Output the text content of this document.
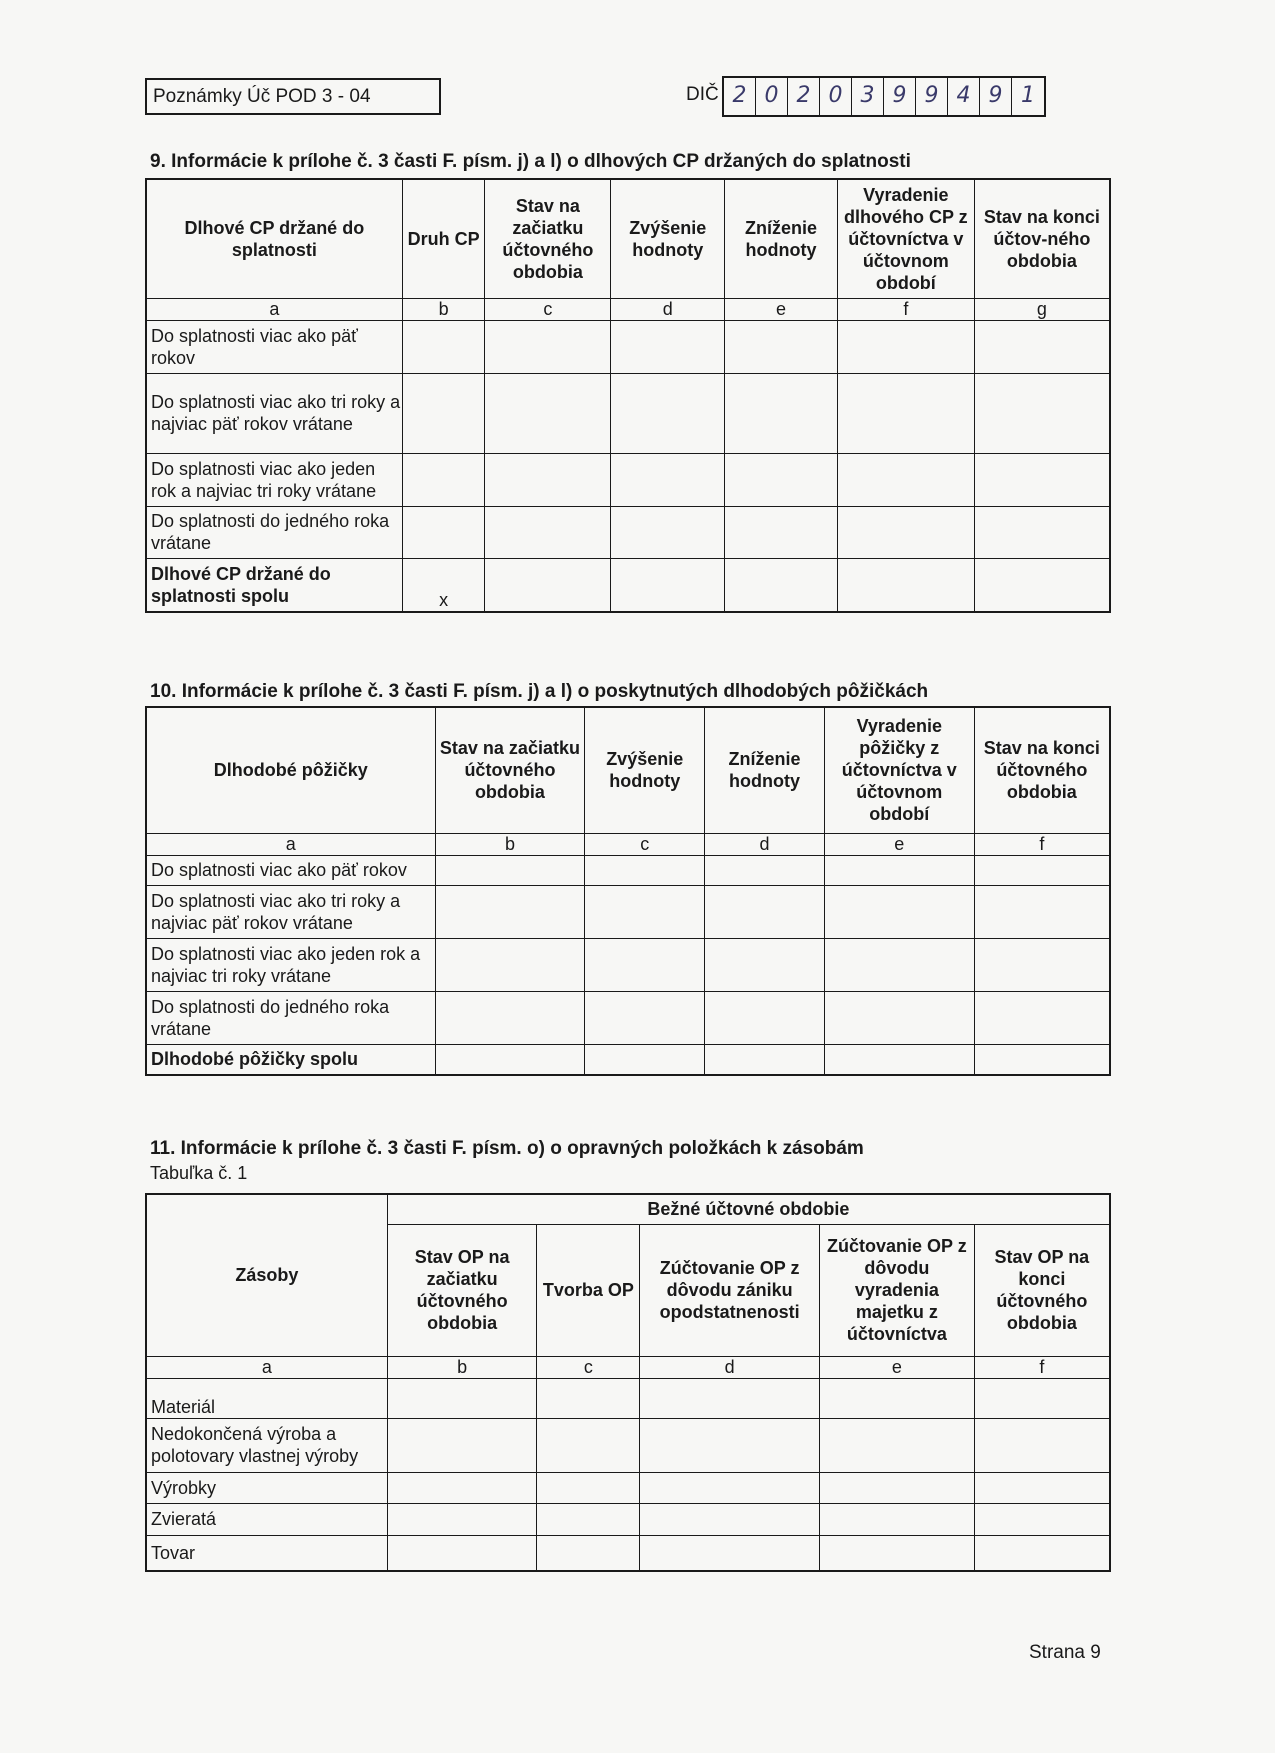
Poznámky Úč POD 3 - 04	DIČ 2 0 2 0 3 9 9 4 9 1
9. Informácie k prílohe č. 3 časti F. písm. j) a l) o dlhových CP držaných do splatnosti
Dlhové CP držané do splatnosti	Druh CP	Stav na začiatku účtovného obdobia	Zvýšenie hodnoty	Zníženie hodnoty	Vyradenie dlhového CP z účtovníctva v účtovnom období	Stav na konci účtov-ného obdobia
a	b	c	d	e	f	g
Do splatnosti viac ako päť rokov						
Do splatnosti viac ako tri roky a najviac päť rokov vrátane						
Do splatnosti viac ako jeden rok a najviac tri roky vrátane						
Do splatnosti do jedného roka vrátane						
Dlhové CP držané do splatnosti spolu	x					
10. Informácie k prílohe č. 3 časti F. písm. j) a l) o poskytnutých dlhodobých pôžičkách
Dlhodobé pôžičky	Stav na začiatku účtovného obdobia	Zvýšenie hodnoty	Zníženie hodnoty	Vyradenie pôžičky z účtovníctva v účtovnom období	Stav na konci účtovného obdobia
a	b	c	d	e	f
Do splatnosti viac ako päť rokov					
Do splatnosti viac ako tri roky a najviac päť rokov vrátane					
Do splatnosti viac ako jeden rok a najviac tri roky vrátane					
Do splatnosti do jedného roka vrátane					
Dlhodobé pôžičky spolu					
11. Informácie k prílohe č. 3 časti F. písm. o) o opravných položkách k zásobám
Tabuľka č. 1
Zásoby	Bežné účtovné obdobie				
	Stav OP na začiatku účtovného obdobia	Tvorba OP	Zúčtovanie OP z dôvodu zániku opodstatnenosti	Zúčtovanie OP z dôvodu vyradenia majetku z účtovníctva	Stav OP na konci účtovného obdobia
a	b	c	d	e	f
Materiál					
Nedokončená výroba a polotovary vlastnej výroby					
Výrobky					
Zvieratá					
Tovar					
Strana 9
